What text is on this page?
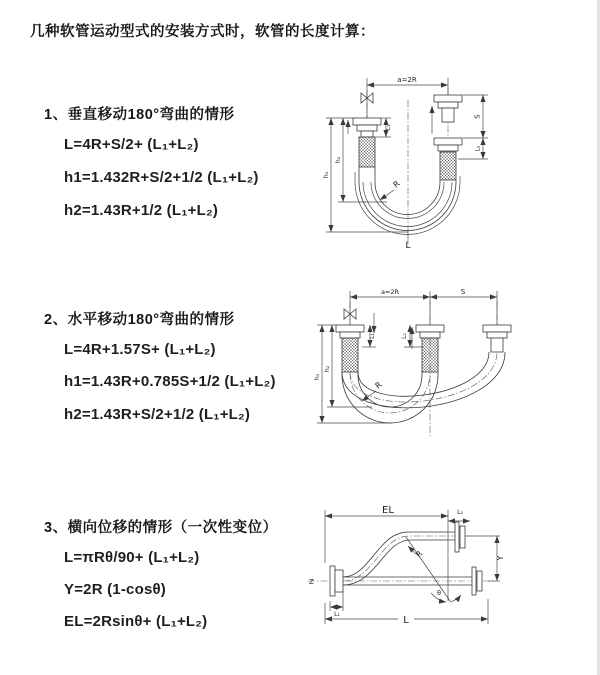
几种软管运动型式的安装方式时，软管的长度计算：
1、垂直移动180°弯曲的情形
L=4R+S/2+ (L₁+L₂)
h1=1.432R+S/2+1/2 (L₁+L₂)
h2=1.43R+1/2 (L₁+L₂)
2、水平移动180°弯曲的情形
L=4R+1.57S+ (L₁+L₂)
h1=1.43R+0.785S+1/2 (L₁+L₂)
h2=1.43R+S/2+1/2 (L₁+L₂)
3、横向位移的情形（一次性变位）
L=πRθ/90+ (L₁+L₂)
Y=2R (1-cosθ)
EL=2Rsinθ+ (L₁+L₂)
a=2R
R
L
h₁
h₂
L₁
S
L₂
a=2R	S
R
h₁
h₂
L₁	L₂
EL	L₂
Y
R
θ
Z
L₁
L
